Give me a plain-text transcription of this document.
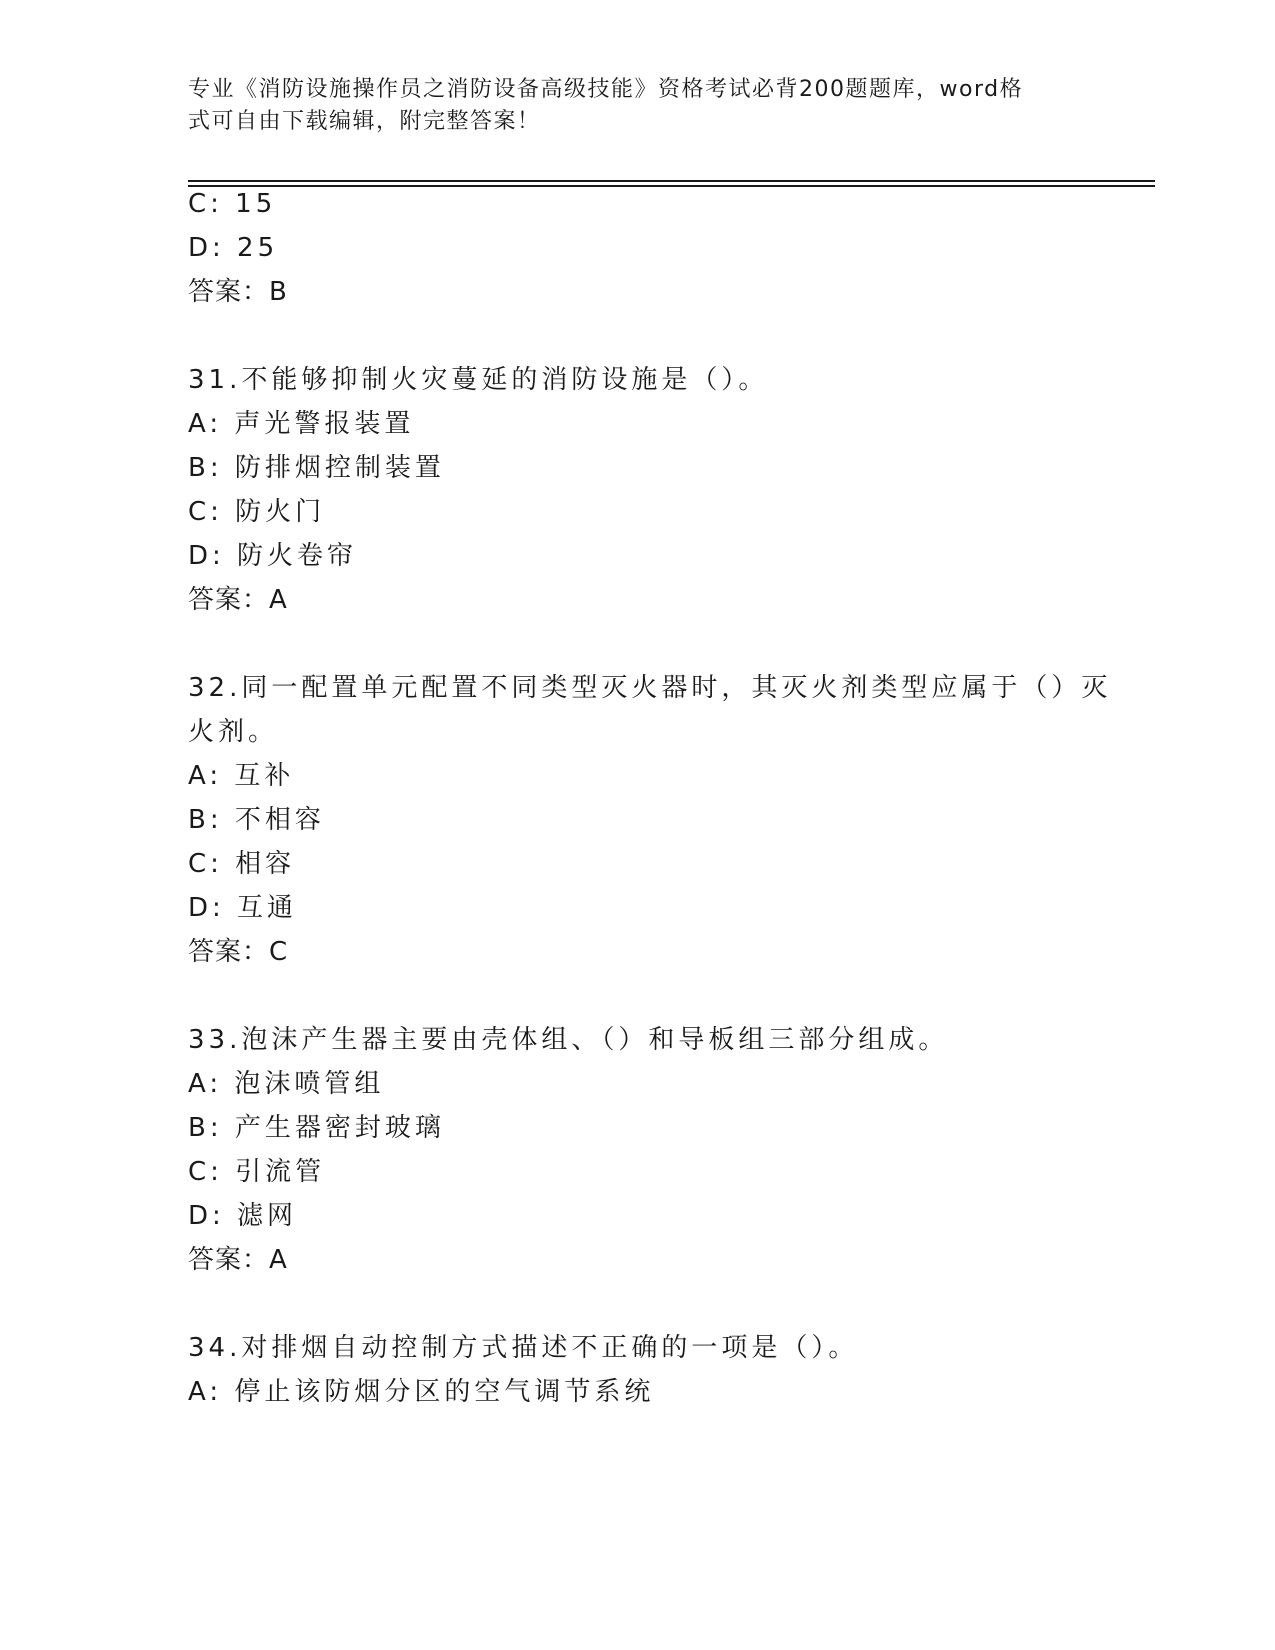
专业《消防设施操作员之消防设备高级技能》资格考试必背200题题库，word格
式可自由下载编辑，附完整答案！
C: 15
D: 25
答案：B
31.不能够抑制火灾蔓延的消防设施是（）。
A: 声光警报装置
B: 防排烟控制装置
C: 防火门
D: 防火卷帘
答案：A
32.同一配置单元配置不同类型灭火器时，其灭火剂类型应属于（）灭
火剂。
A: 互补
B: 不相容
C: 相容
D: 互通
答案：C
33.泡沫产生器主要由壳体组、（）和导板组三部分组成。
A: 泡沫喷管组
B: 产生器密封玻璃
C: 引流管
D: 滤网
答案：A
34.对排烟自动控制方式描述不正确的一项是（）。
A: 停止该防烟分区的空气调节系统
